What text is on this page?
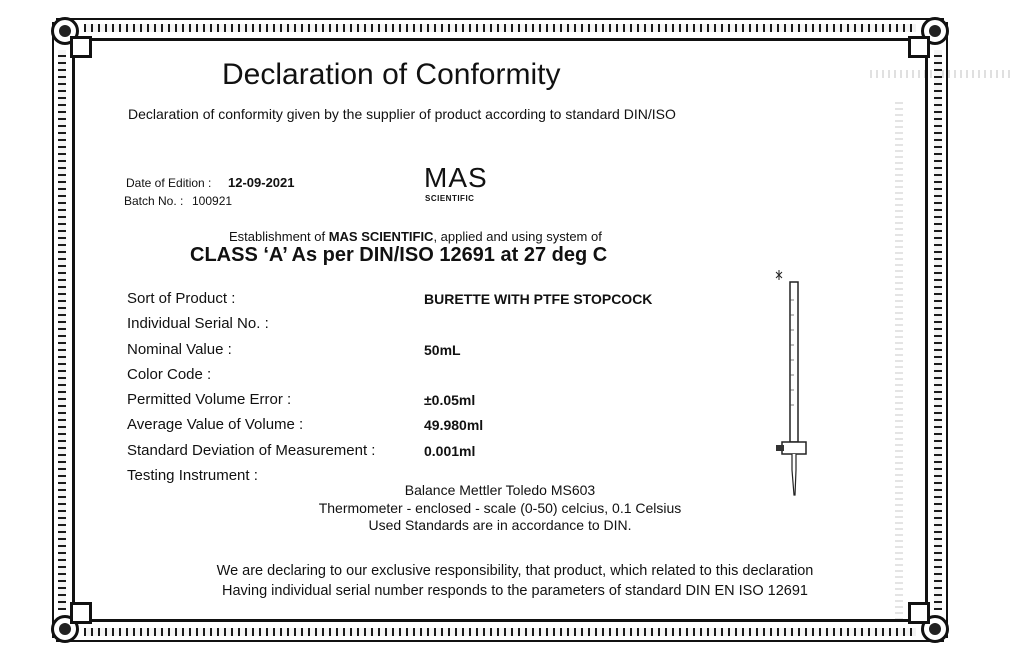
Declaration of Conformity
Declaration of conformity given by the supplier of product according to standard DIN/ISO
Date of Edition : 12-09-2021
Batch No. : 100921
MAS
SCIENTIFIC
Establishment of MAS SCIENTIFIC, applied and using system of
CLASS ‘A’ As per DIN/ISO 12691 at 27 deg C
Sort of Product :	BURETTE WITH PTFE STOPCOCK
Individual Serial No. :
Nominal Value :	50mL
Color Code :
Permitted Volume Error :	±0.05ml
Average Value of Volume :	49.980ml
Standard Deviation of Measurement :	0.001ml
Testing Instrument :
Balance Mettler Toledo MS603
Thermometer - enclosed - scale (0-50) celcius, 0.1 Celsius
Used Standards are in accordance to DIN.
We are declaring to our exclusive responsibility, that product, which related to this declaration
Having individual serial number responds to the parameters of standard DIN EN ISO 12691
